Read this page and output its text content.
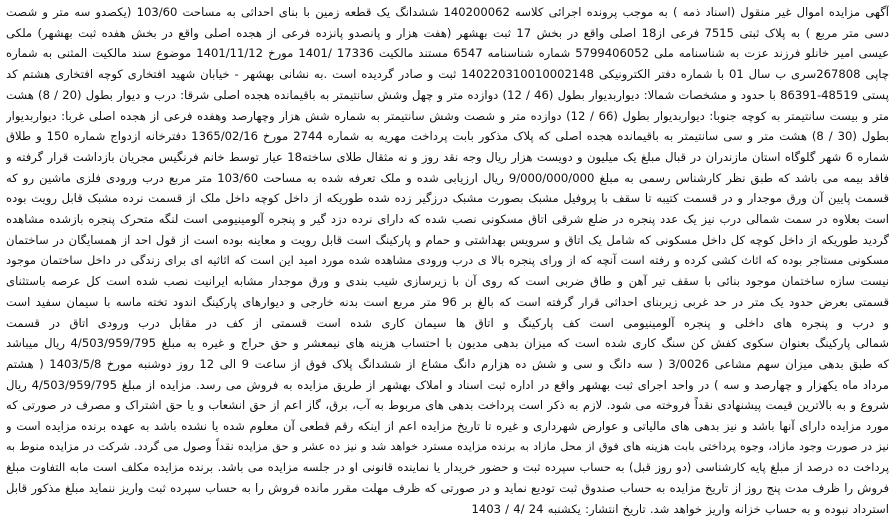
آگهی مزایده اموال غیر منقول (اسناد ذمه ) به موجب پرونده اجرائی کلاسه 140200062 ششدانگ یک قطعه زمین با بنای احداثی به مساحت 103/60 (یکصدو سه متر و شصت
دسی متر مربع ) به پلاک ثبتی 7515 فرعی از18 اصلی واقع در بخش 17 ثبت بهشهر (هفت هزار و پانصدو پانزده فرعی از هجده اصلی واقع در بخش هفده ثبت بهشهر) ملکی
عیسی امیر خانلو فرزند عزت به شناسنامه ملی 5799406052 شماره شناسنامه 6547 مستند مالکیت 17336 /1401 مورخ 1401/11/12 موضوع سند مالکیت المثنی به شماره
چاپی 267808سری ب سال 01 با شماره دفتر الکترونیکی 140220310010002148 ثبت و صادر گردیده است .به نشانی بهشهر - خیابان شهید افتخاری کوچه افتخاری هشتم کد
پستی 48519-86391 با حدود و مشخصات شمالا: دیواربدیوار بطول (46 / 12) دوازده متر و چهل وشش سانتیمتر به باقیمانده هجده اصلی شرقا: درب و دیوار بطول (20 / 8) هشت
متر و بیست سانتیمتر به کوچه جنوبا: دیواربدیوار بطول (66 / 12) دوازده متر و شصت وشش سانتیمتر به شماره شش هزار وچهارصد وهفده فرعی از هجده اصلی غربا: دیواربدیوار
بطول (30 / 8) هشت متر و سی سانتیمتر به باقیمانده هجده اصلی که پلاک مذکور بابت پرداخت مهریه به شماره 2744 مورخ 1365/02/16 دفترخانه ازدواج شماره 150 و طلاق
شماره 6 شهر گلوگاه استان مازندران در قبال مبلغ یک میلیون و دویست هزار ریال وجه نقد روز و نه مثقال طلای ساخته18 عیار توسط خانم فرنگیس مجریان بازداشت قرار گرفته و
فاقد بیمه می باشد که طبق نظر کارشناس رسمی به مبلغ 9/000/000/000 ریال ارزیابی شده و ملک تعرفه شده به مساحت 103/60 متر مربع درب ورودی فلزی ماشین رو که
قسمت پایین آن ورق موجدار و در قسمت کتیبه تا سقف با پروفیل مشبک بصورت مشبک درزگیر زده شده طوریکه از داخل کوچه داخل ملک از قسمت نرده مشبک قابل رویت بوده
است بعلاوه در سمت شمالی درب نیز یک عدد پنجره در ضلع شرقی اتاق مسکونی نصب شده که دارای نرده دزد گیر و پنجره آلومینیومی است لنگه متحرک پنجره بازشده مشاهده
گردید طوریکه از داخل کوچه کل داخل مسکونی که شامل یک اتاق و سرویس بهداشتی و حمام و پارکینگ است قابل رویت و معاینه بوده است از قول احد از همسایگان در ساختمان
مسکونی مستاجر بوده که اثاث کشی کرده و رفته است آنچه که از ورای پنجره بالا ی درب ورودی مشاهده شده مورد امید این است که اثاثیه ای برای زندگی در داخل ساختمان موجود
نیست سازه ساختمان موجود بنائی با سقف تیر آهن و طاق ضربی است که روی آن با زیرسازی شیب بندی و ورق موجدار مشابه ایرانیت نصب شده است کل عرصه باستثنای
قسمتی بعرض حدود یک متر در حد غربی زیربنای احداثی قرار گرفته است که بالغ بر 96 متر مربع است بدنه خارجی و دیوارهای پارکینگ اندود تخته ماسه با سیمان سفید است
و درب و پنجره های داخلی و پنجره آلومینیومی است کف پارکینگ و اتاق ها سیمان کاری شده است قسمتی از کف در مقابل درب ورودی اتاق در قسمت
شمالی پارکینگ بعنوان سکوی کفش کن سنگ کاری شده است که میزان بدهی مدیون با احتساب هزینه های نیمعشر و حق حراج و غیره به مبلغ 4/503/959/795 ریال میباشد
که طبق بدهی میزان سهم مشاعی 3/0026 ( سه دانگ و سی و شش ده هزارم دانگ مشاع از ششدانگ پلاک فوق از ساعت 9 الی 12 روز دوشنبه مورخ 1403/5/8 ( هشتم
مرداد ماه یکهزار و چهارصد و سه ) در واحد اجرای ثبت بهشهر واقع در اداره ثبت اسناد و املاک بهشهر از طریق مزایده به فروش می رسد. مزایده از مبلغ 4/503/959/795 ریال
شروع و به بالاترین قیمت پیشنهادی نقداً فروخته می شود. لازم به ذکر است پرداخت بدهی های مربوط به آب، برق، گاز اعم از حق انشعاب و یا حق اشتراک و مصرف در صورتی که
مورد مزایده دارای آنها باشد و نیز بدهی های مالیاتی و عوارض شهرداری و غیره تا تاریخ مزایده اعم از اینکه رقم قطعی آن معلوم شده یا نشده باشد به عهده برنده مزایده است و
نیز در صورت وجود مازاد، وجوه پرداختی بابت هزینه های فوق از محل مازاد به برنده مزایده مسترد خواهد شد و نیز ده عشر و حق مزایده نقداً وصول می گردد. شرکت در مزایده منوط به
پرداخت ده درصد از مبلغ پایه کارشناسی (دو روز قبل) به حساب سپرده ثبت و حضور خریدار یا نماینده قانونی او در جلسه مزایده می باشد. برنده مزایده مکلف است مابه التفاوت مبلغ
فروش را ظرف مدت پنج روز از تاریخ مزایده به حساب صندوق ثبت تودیع نماید و در صورتی که ظرف مهلت مقرر مانده فروش را به حساب سپرده ثبت واریز ننماید مبلغ مذکور قابل
استرداد نبوده و به حساب خزانه واریز خواهد شد. تاریخ انتشار: یکشنبه 24 /4 / 1403
